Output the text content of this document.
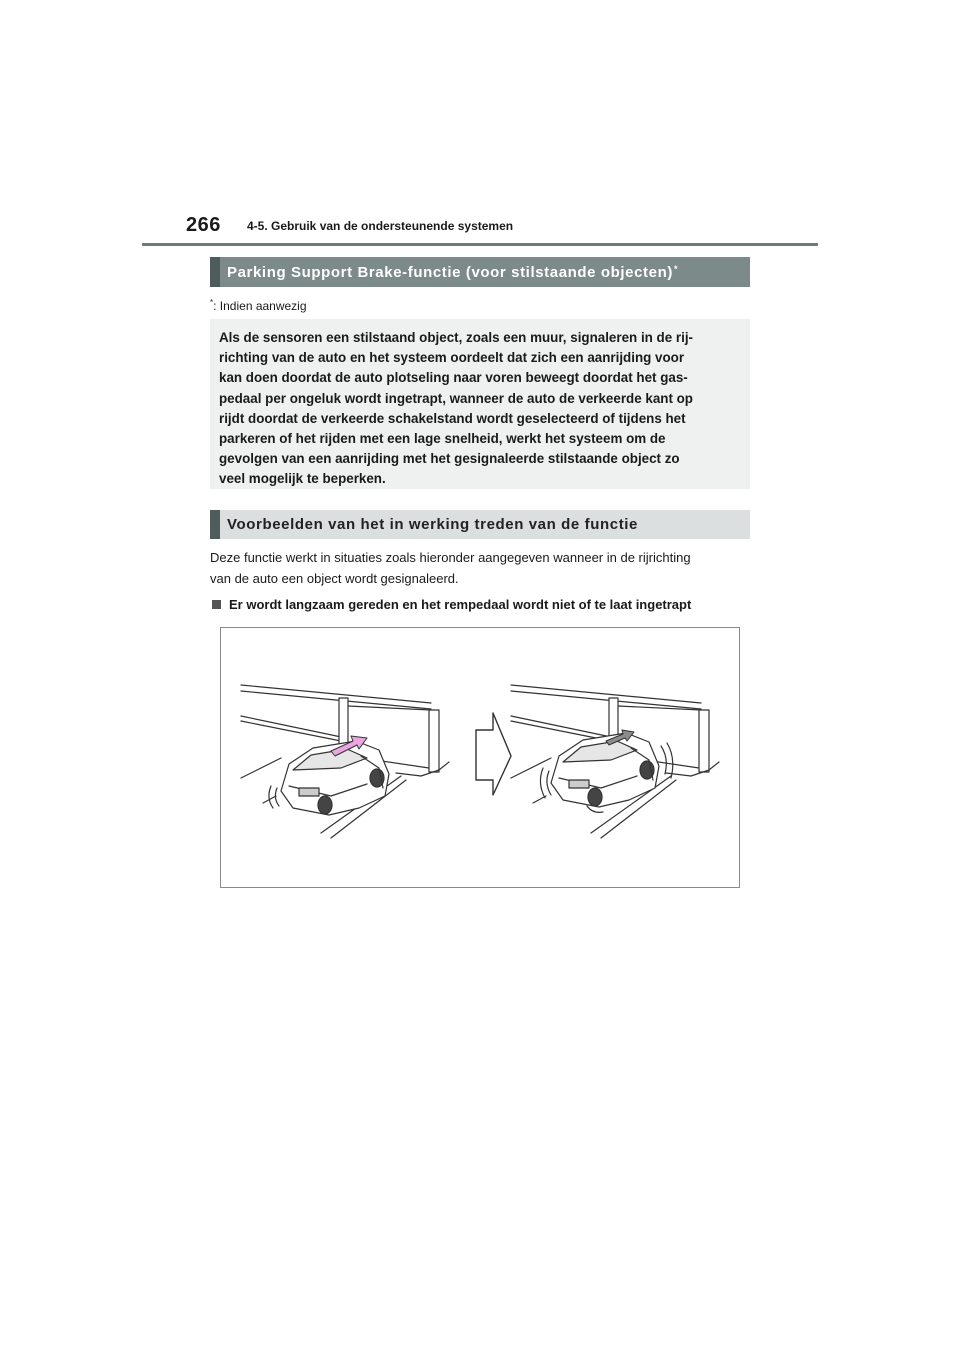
266 4-5. Gebruik van de ondersteunende systemen
Parking Support Brake-functie (voor stilstaande objecten)*
*: Indien aanwezig
Als de sensoren een stilstaand object, zoals een muur, signaleren in de rij-
richting van de auto en het systeem oordeelt dat zich een aanrijding voor
kan doen doordat de auto plotseling naar voren beweegt doordat het gas-
pedaal per ongeluk wordt ingetrapt, wanneer de auto de verkeerde kant op
rijdt doordat de verkeerde schakelstand wordt geselecteerd of tijdens het
parkeren of het rijden met een lage snelheid, werkt het systeem om de
gevolgen van een aanrijding met het gesignaleerde stilstaande object zo
veel mogelijk te beperken.
Voorbeelden van het in werking treden van de functie
Deze functie werkt in situaties zoals hieronder aangegeven wanneer in de rijrichting
van de auto een object wordt gesignaleerd.
Er wordt langzaam gereden en het rempedaal wordt niet of te laat ingetrapt
